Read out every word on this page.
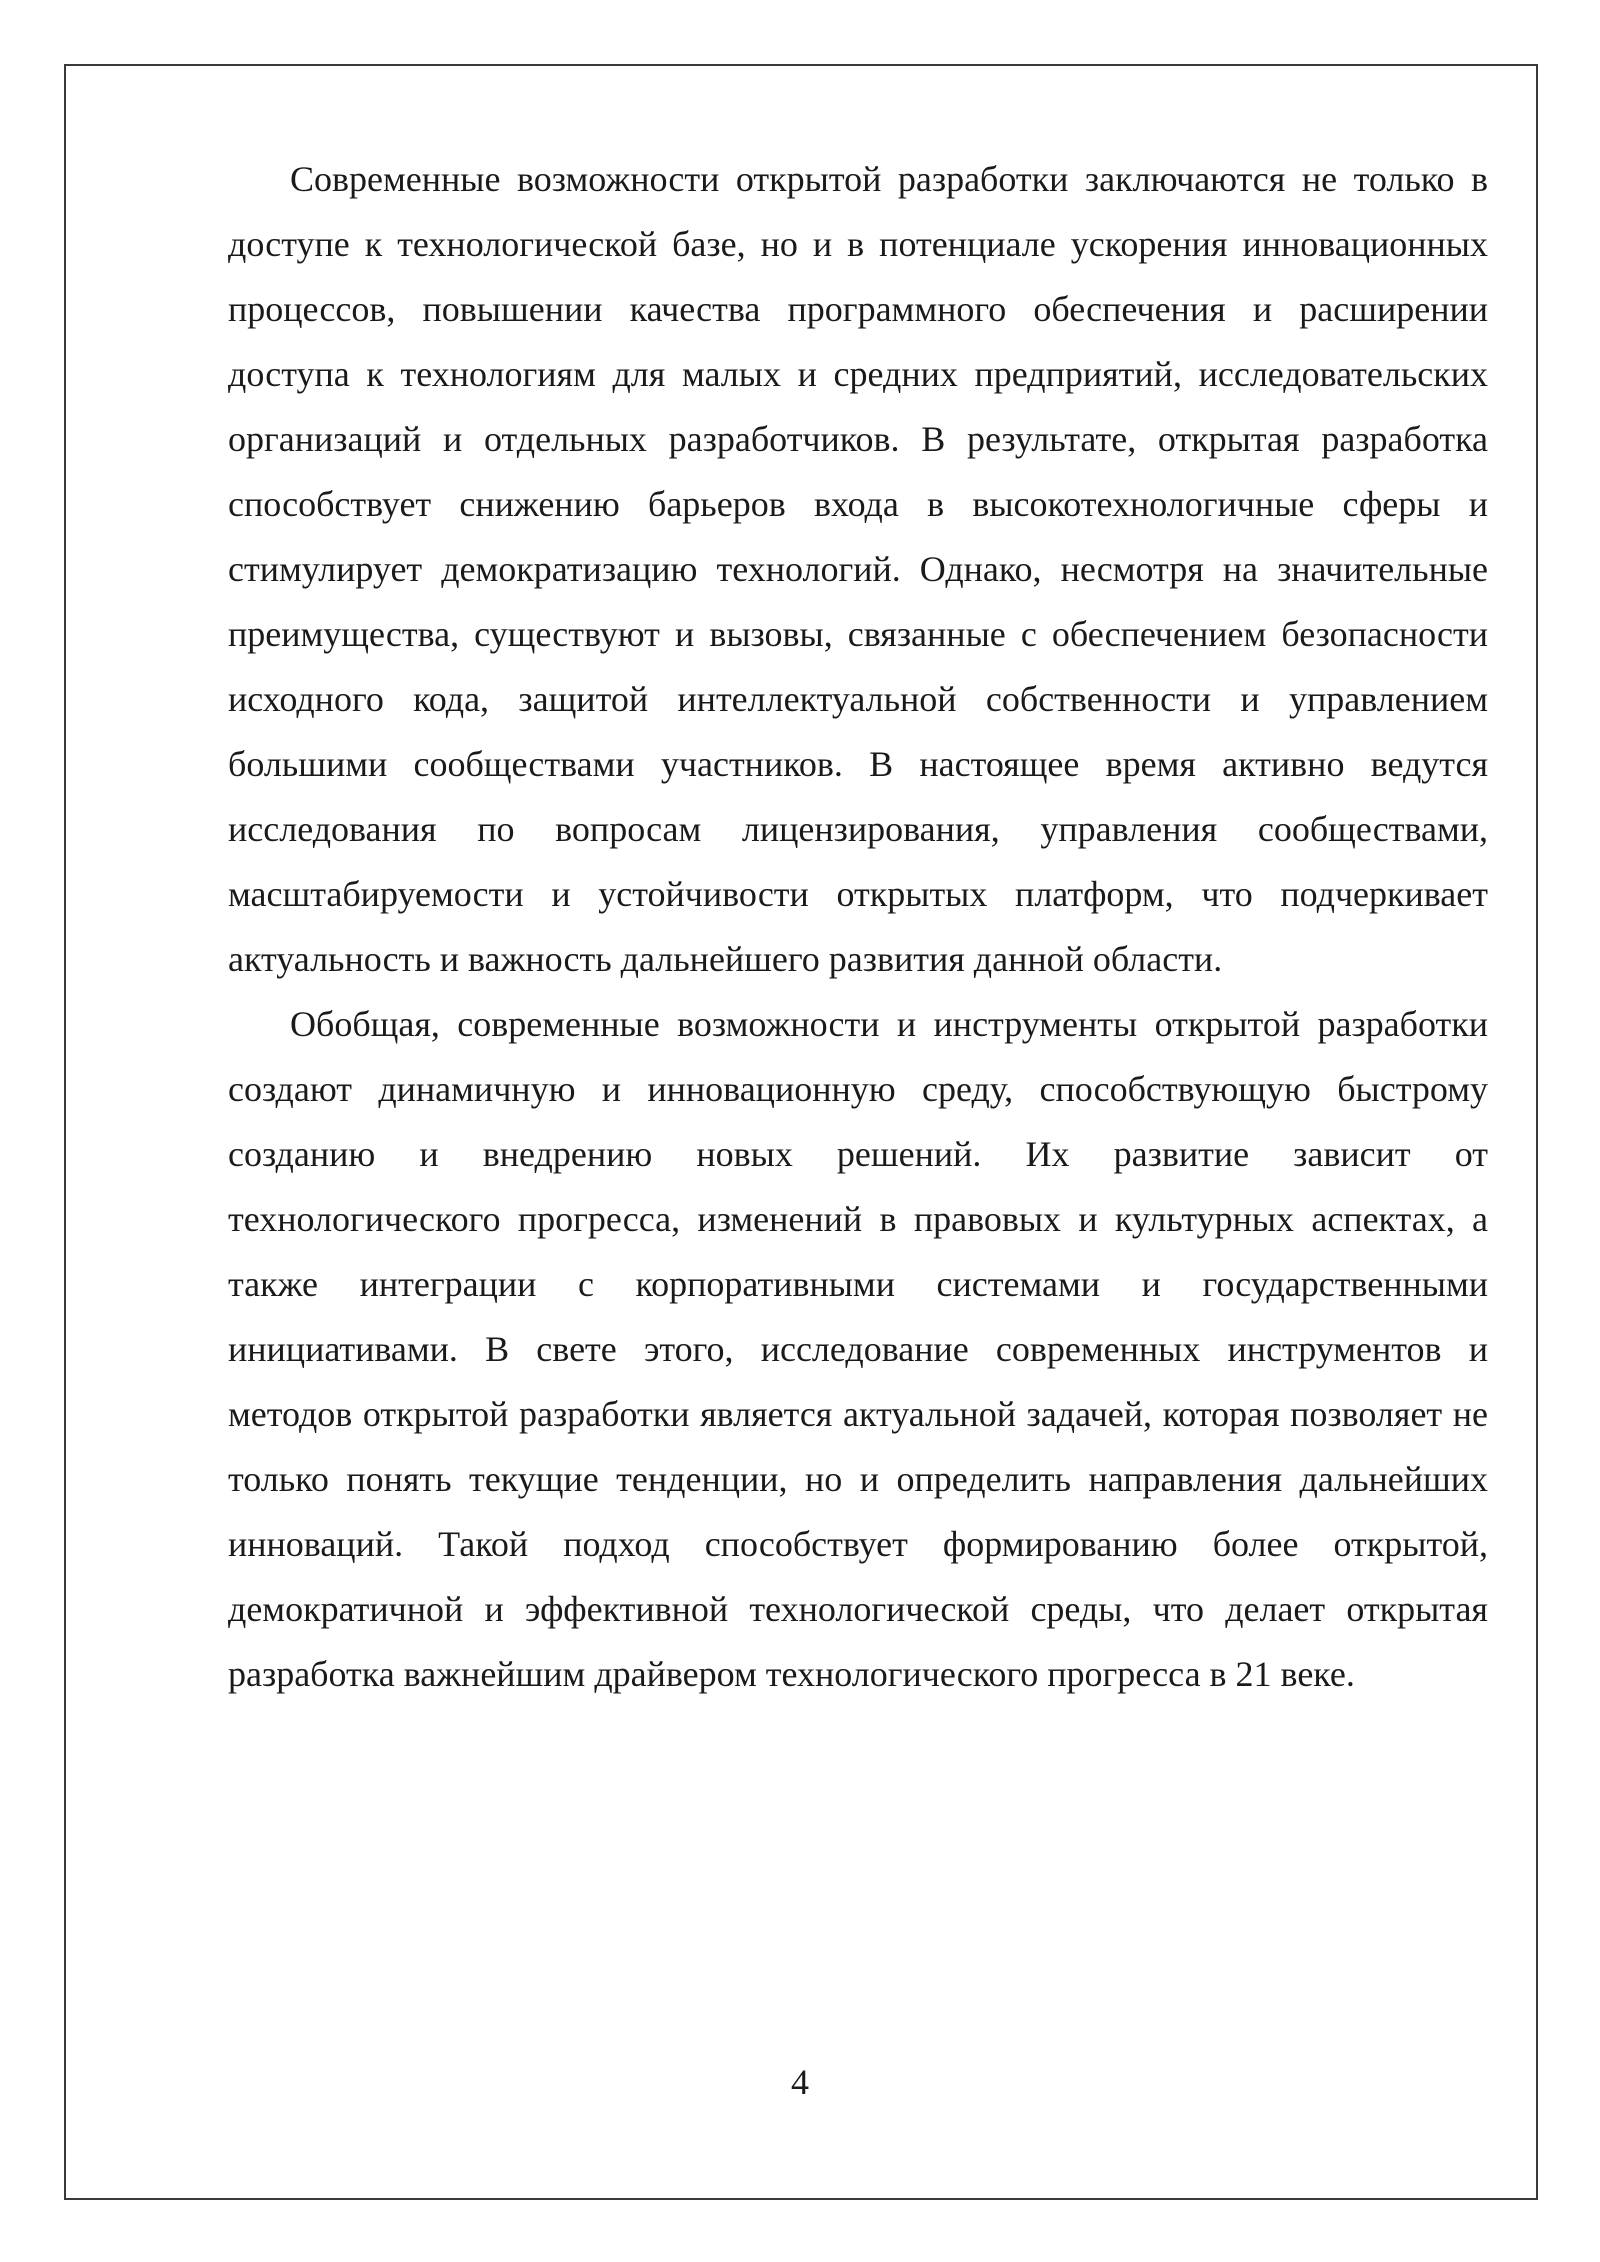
Современные возможности открытой разработки заключаются не только в доступе к технологической базе, но и в потенциале ускорения инновационных процессов, повышении качества программного обеспечения и расширении доступа к технологиям для малых и средних предприятий, исследовательских организаций и отдельных разработчиков. В результате, открытая разработка способствует снижению барьеров входа в высокотехнологичные сферы и стимулирует демократизацию технологий. Однако, несмотря на значительные преимущества, существуют и вызовы, связанные с обеспечением безопасности исходного кода, защитой интеллектуальной собственности и управлением большими сообществами участников. В настоящее время активно ведутся исследования по вопросам лицензирования, управления сообществами, масштабируемости и устойчивости открытых платформ, что подчеркивает актуальность и важность дальнейшего развития данной области.

Обобщая, современные возможности и инструменты открытой разработки создают динамичную и инновационную среду, способствующую быстрому созданию и внедрению новых решений. Их развитие зависит от технологического прогресса, изменений в правовых и культурных аспектах, а также интеграции с корпоративными системами и государственными инициативами. В свете этого, исследование современных инструментов и методов открытой разработки является актуальной задачей, которая позволяет не только понять текущие тенденции, но и определить направления дальнейших инноваций. Такой подход способствует формированию более открытой, демократичной и эффективной технологической среды, что делает открытая разработка важнейшим драйвером технологического прогресса в 21 веке.

4
